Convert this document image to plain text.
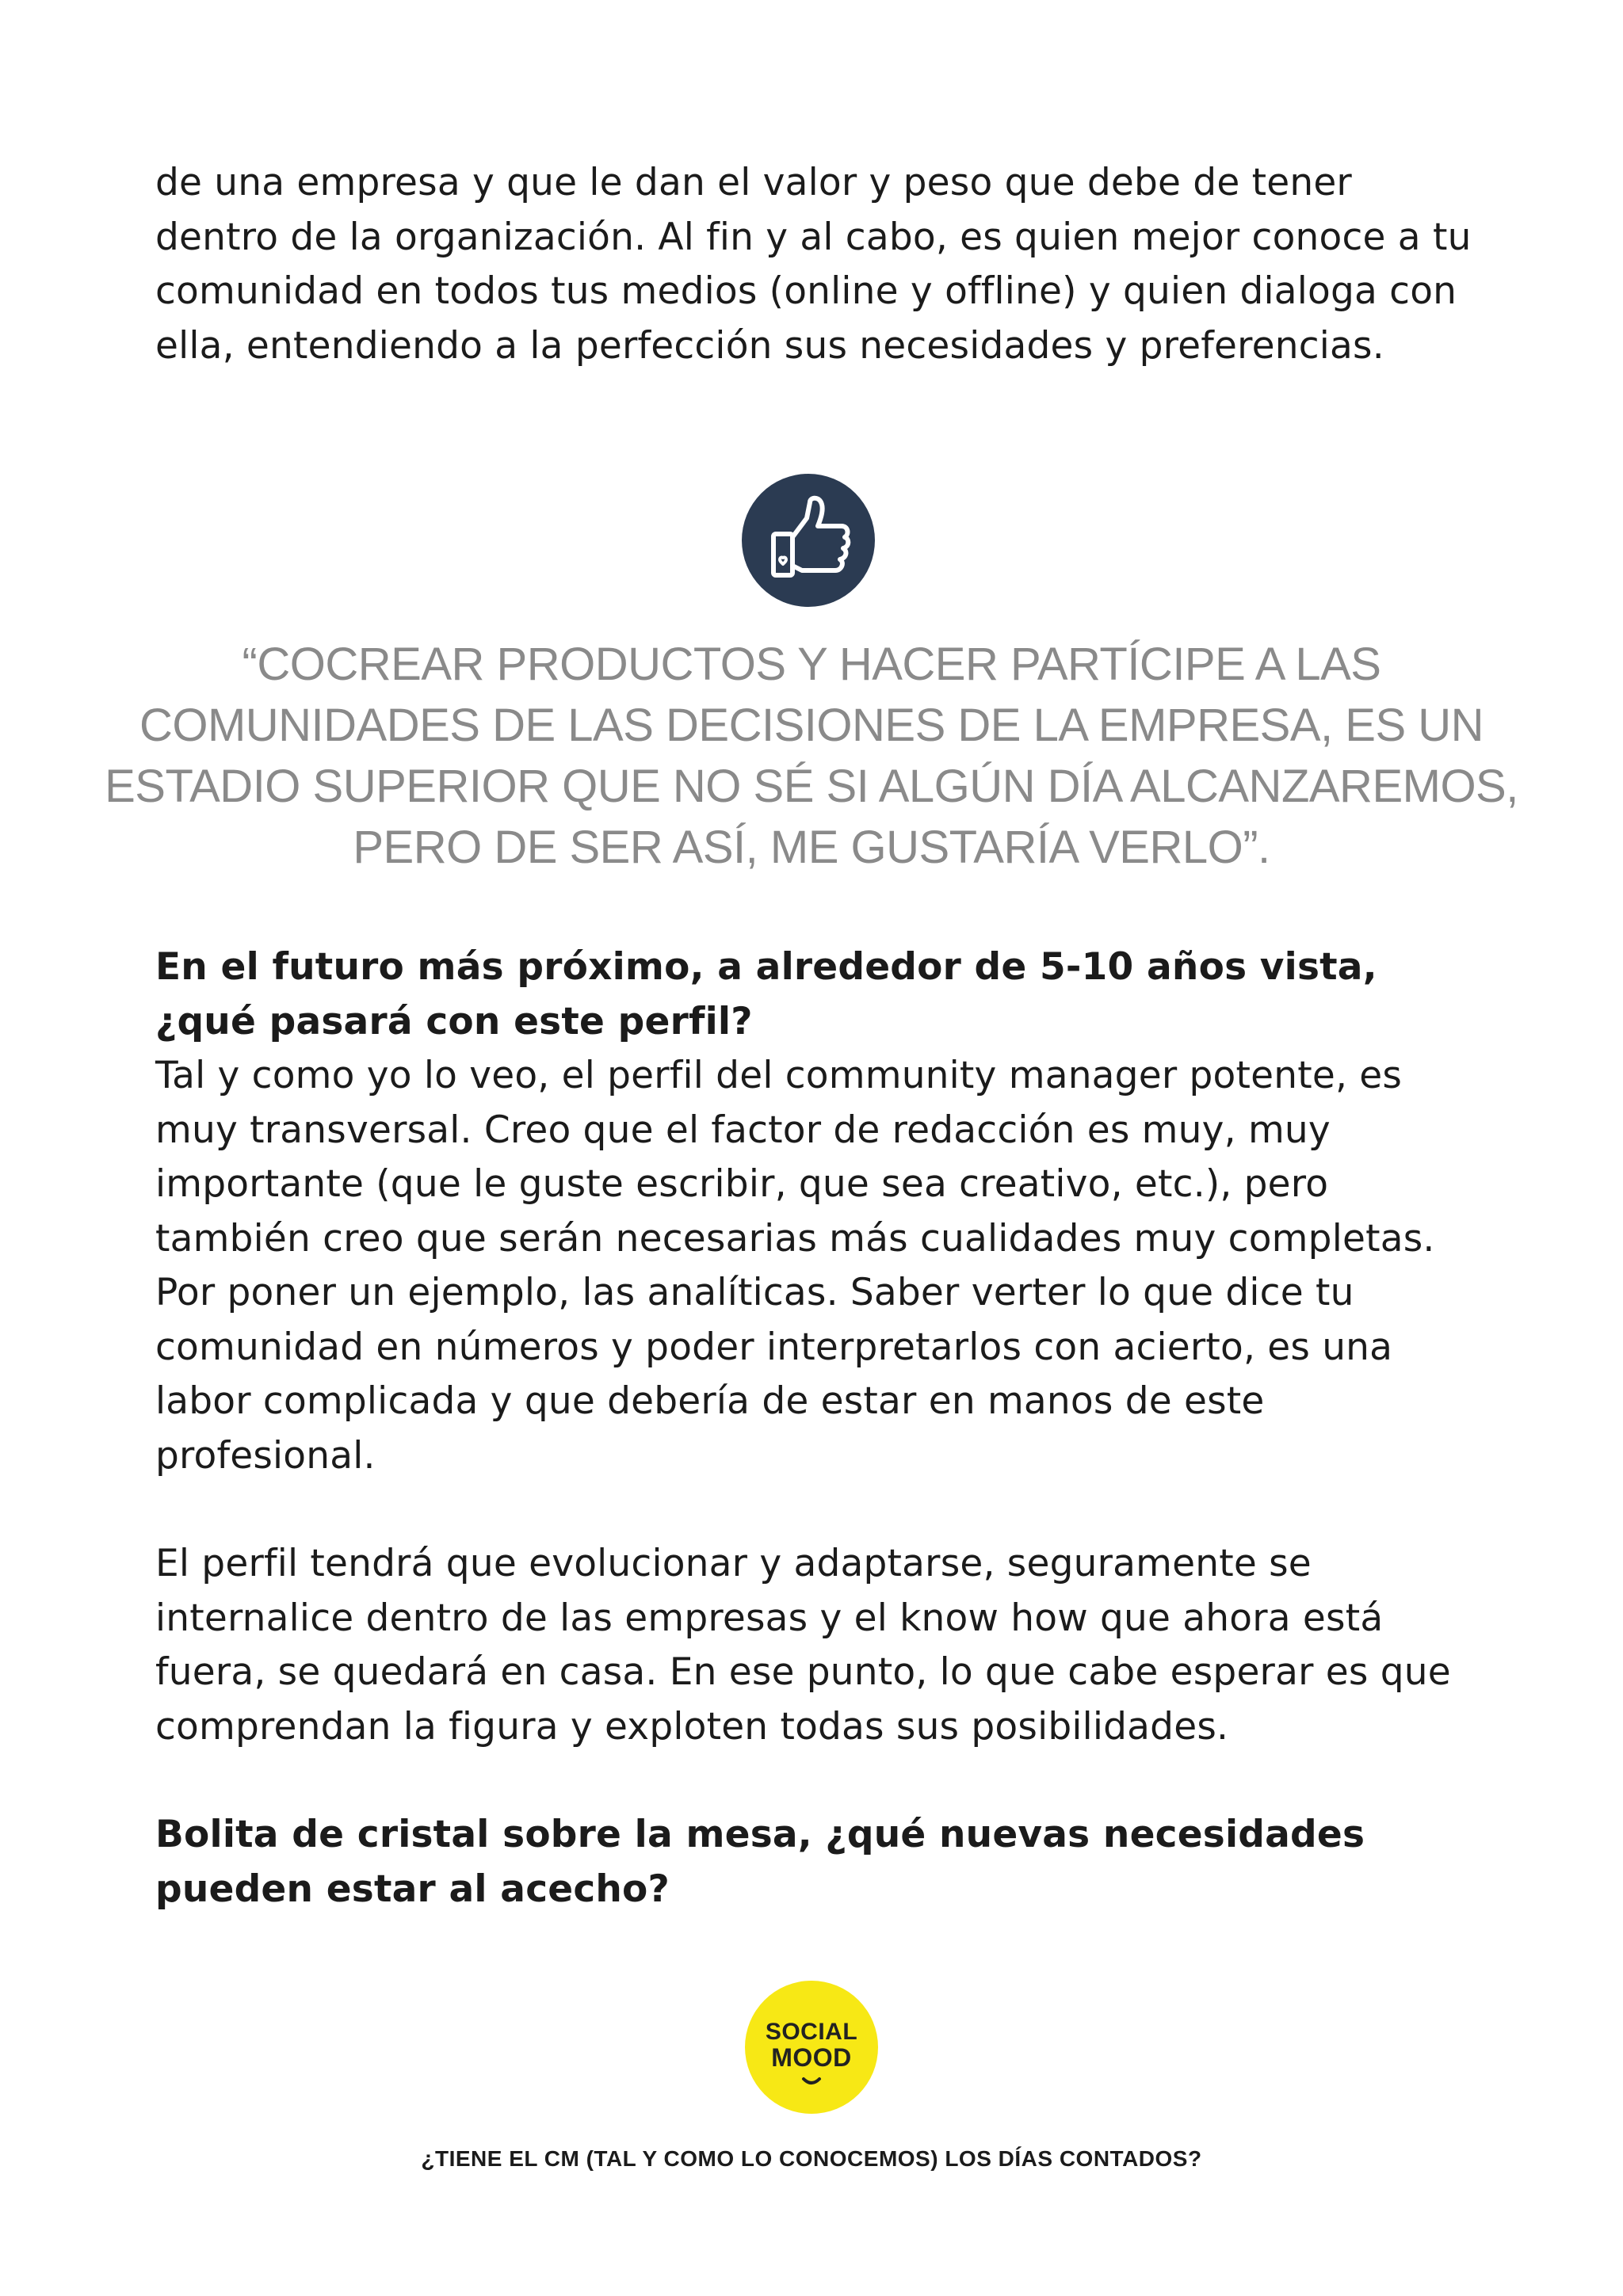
de una empresa y que le dan el valor y peso que debe de tener dentro de la organización. Al fin y al cabo, es quien mejor conoce a tu comunidad en todos tus medios (online y offline) y quien dialoga con ella, entendiendo a la perfección sus necesidades y preferencias.

“COCREAR PRODUCTOS Y HACER PARTÍCIPE A LAS COMUNIDADES DE LAS DECISIONES DE LA EMPRESA, ES UN ESTADIO SUPERIOR QUE NO SÉ SI ALGÚN DÍA ALCANZAREMOS, PERO DE SER ASÍ, ME GUSTARÍA VERLO”.

En el futuro más próximo, a alrededor de 5-10 años vista, ¿qué pasará con este perfil?

Tal y como yo lo veo, el perfil del community manager potente, es muy transversal. Creo que el factor de redacción es muy, muy importante (que le guste escribir, que sea creativo, etc.), pero también creo que serán necesarias más cualidades muy completas. Por poner un ejemplo, las analíticas. Saber verter lo que dice tu comunidad en números y poder interpretarlos con acierto, es una labor complicada y que debería de estar en manos de este profesional.

El perfil tendrá que evolucionar y adaptarse, seguramente se internalice dentro de las empresas y el know how que ahora está fuera, se quedará en casa. En ese punto, lo que cabe esperar es que comprendan la figura y exploten todas sus posibilidades.

Bolita de cristal sobre la mesa, ¿qué nuevas necesidades pueden estar al acecho?

SOCIAL
MOOD

¿TIENE EL CM (TAL Y COMO LO CONOCEMOS) LOS DÍAS CONTADOS?
